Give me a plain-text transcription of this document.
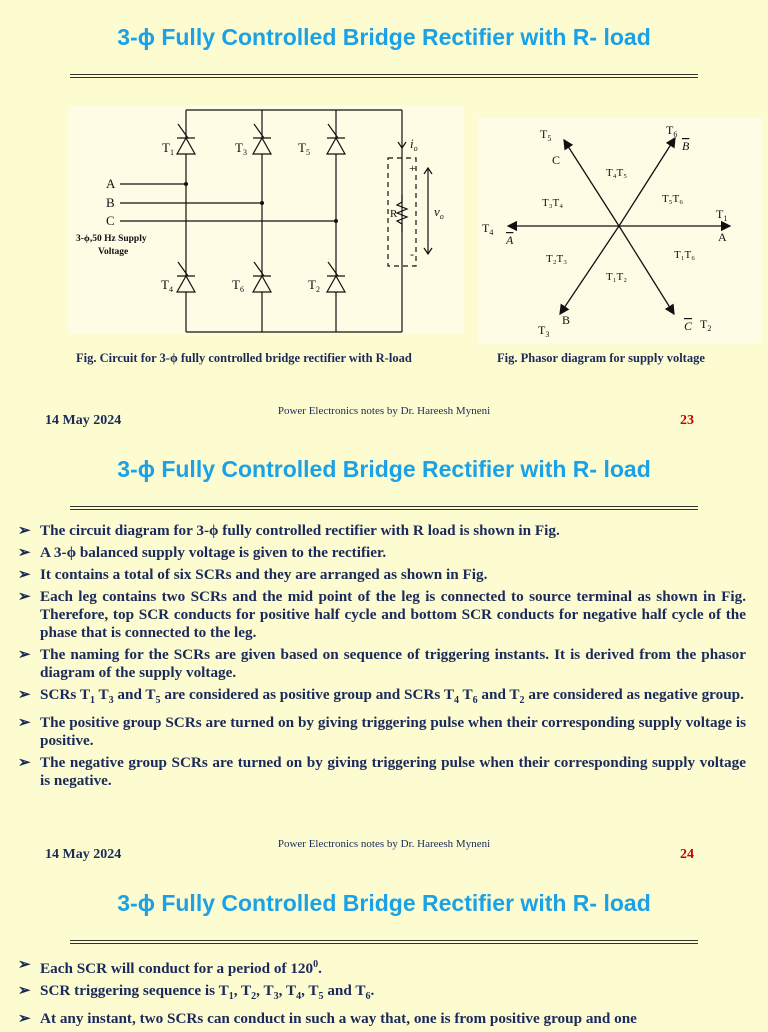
3-ϕ Fully Controlled Bridge Rectifier with R- load
$T_1$	$T_3$	$T_5$
$T_4$	$T_6$	$T_2$
A
B
C
3-ϕ,50 Hz Supply
Voltage
$i_o$
+
-
R	$v_o$
$T_5$
$T_6$
$T_1$
$T_4$
$T_3$
$T_2$
A
B
C
A
B
C
T₄T₅
T₅T₆
T₃T₄
T₁T₆
T₂T₃
T₁T₂
Fig. Circuit for 3-ϕ fully controlled bridge rectifier with R-load	Fig. Phasor diagram for supply voltage
Power Electronics notes by Dr. Hareesh Myneni
14 May 2024	23
3-ϕ Fully Controlled Bridge Rectifier with R- load
➢ The circuit diagram for 3-ϕ fully controlled rectifier with R load is shown in Fig.
➢ A 3-ϕ balanced supply voltage is given to the rectifier.
➢ It contains a total of six SCRs and they are arranged as shown in Fig.
➢ Each leg contains two SCRs and the mid point of the leg is connected to source terminal as shown in Fig. Therefore, top SCR conducts for positive half cycle and bottom SCR conducts for negative half cycle of the phase that is connected to the leg.
➢ The naming for the SCRs are given based on sequence of triggering instants. It is derived from the phasor diagram of the supply voltage.
➢ SCRs $T_1$ $T_3$ and $T_5$ are considered as positive group and SCRs $T_4$ $T_6$ and $T_2$ are considered as negative group.
➢ The positive group SCRs are turned on by giving triggering pulse when their corresponding supply voltage is positive.
➢ The negative group SCRs are turned on by giving triggering pulse when their corresponding supply voltage is negative.
Power Electronics notes by Dr. Hareesh Myneni
14 May 2024	24
3-ϕ Fully Controlled Bridge Rectifier with R- load
➢ Each SCR will conduct for a period of $120^0$.
➢ SCR triggering sequence is $T_1$, $T_2$, $T_3$, $T_4$, $T_5$ and $T_6$.
➢ At any instant, two SCRs can conduct in such a way that, one is from positive group and one
